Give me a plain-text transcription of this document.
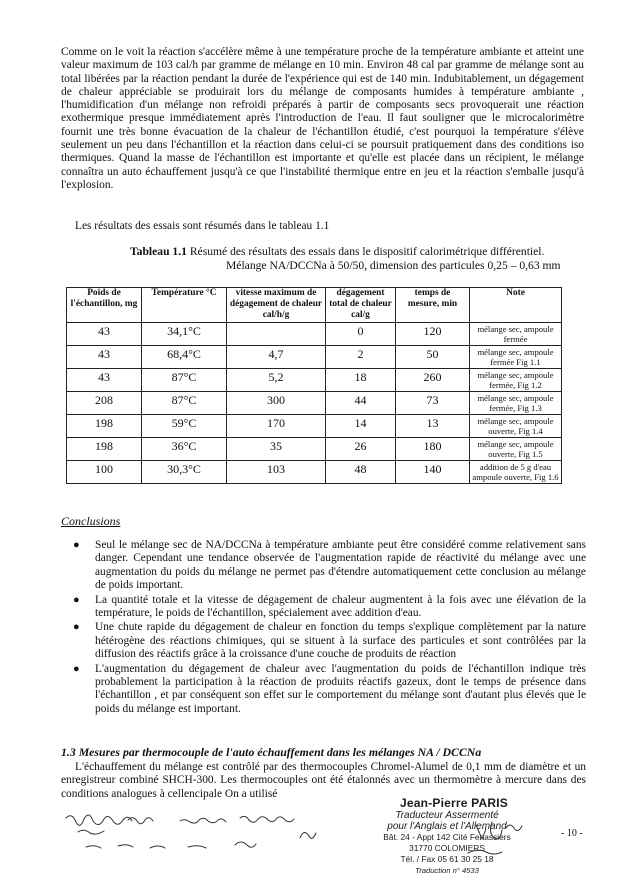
Comme on le voit la réaction s'accélère même à une température proche de la température ambiante et atteint une valeur maximum de 103 cal/h par gramme de mélange en 10 min. Environ 48 cal par gramme de mélange sont au total libérées par la réaction pendant la durée de l'expérience qui est de 140 min. Indubitablement, un dégagement de chaleur appréciable se produirait lors du mélange de composants humides à température ambiante , l'humidification d'un mélange non refroidi préparés à partir de composants secs provoquerait une réaction exothermique presque immédiatement après l'introduction de l'eau. Il faut souligner que le microcalorimètre fournit une très bonne évacuation de la chaleur de l'échantillon étudié, c'est pourquoi la température s'élève seulement un peu dans l'échantillon et la réaction dans celui-ci se poursuit pratiquement dans des conditions iso thermiques. Quand la masse de l'échantillon est importante et qu'elle est placée dans un récipient, le mélange connaîtra un auto échauffement jusqu'à ce que l'instabilité thermique entre en jeu et la réaction s'emballe jusqu'à l'explosion.

Les résultats des essais sont résumés dans le tableau 1.1

Tableau 1.1 Résumé des résultats des essais dans le dispositif calorimétrique différentiel.
Mélange NA/DCCNa à 50/50, dimension des particules 0,25 – 0,63 mm

Poids de l'échantillon, mg	Température °C	vitesse maximum de dégagement de chaleur cal/h/g	dégagement total de chaleur cal/g	temps de mesure, min	Note
43	34,1°C		0	120	mélange sec, ampoule fermée
43	68,4°C	4,7	2	50	mélange sec, ampoule fermée Fig 1.1
43	87°C	5,2	18	260	mélange sec, ampoule fermée, Fig 1.2
208	87°C	300	44	73	mélange sec, ampoule fermée, Fig 1.3
198	59°C	170	14	13	mélange sec, ampoule ouverte, Fig 1.4
198	36°C	35	26	180	mélange sec, ampoule ouverte, Fig 1.5
100	30,3°C	103	48	140	addition de 5 g d'eau ampoule ouverte, Fig 1.6

Conclusions

● Seul le mélange sec de NA/DCCNa à température ambiante peut être considéré comme relativement sans danger. Cependant une tendance observée de l'augmentation rapide de réactivité du mélange avec une augmentation du poids du mélange ne permet pas d'étendre automatiquement cette conclusion au mélange de poids important.
● La quantité totale et la vitesse de dégagement de chaleur augmentent à la fois avec une élévation de la température, le poids de l'échantillon, spécialement avec addition d'eau.
● Une chute rapide du dégagement de chaleur en fonction du temps s'explique complètement par la nature hétérogène des réactions chimiques, qui se situent à la surface des particules et sont contrôlées par la diffusion des réactifs grâce à la croissance d'une couche de produits de réaction
● L'augmentation du dégagement de chaleur avec l'augmentation du poids de l'échantillon indique très probablement la participation à la réaction de produits réactifs gazeux, dont le temps de présence dans l'échantillon , et par conséquent son effet sur le comportement du mélange sont d'autant plus élevés que le poids du mélange est important.

1.3 Mesures par thermocouple de l'auto échauffement dans les mélanges NA / DCCNa

L'échauffement du mélange est contrôlé par des thermocouples Chromel-Alumel de 0,1 mm de diamètre et un enregistreur combiné SHCH-300. Les thermocouples ont été étalonnés avec un thermomètre à mercure dans des conditions analogues à cellencipale On a utilisé

Jean-Pierre PARIS
Traducteur Assermenté
pour l'Anglais et l'Allemand
Bât. 24 - Appt 142 Cité Fenassiers
31770 COLOMIERS
Tél. / Fax 05 61 30 25 18
Traduction n° 4533
- 10 -
